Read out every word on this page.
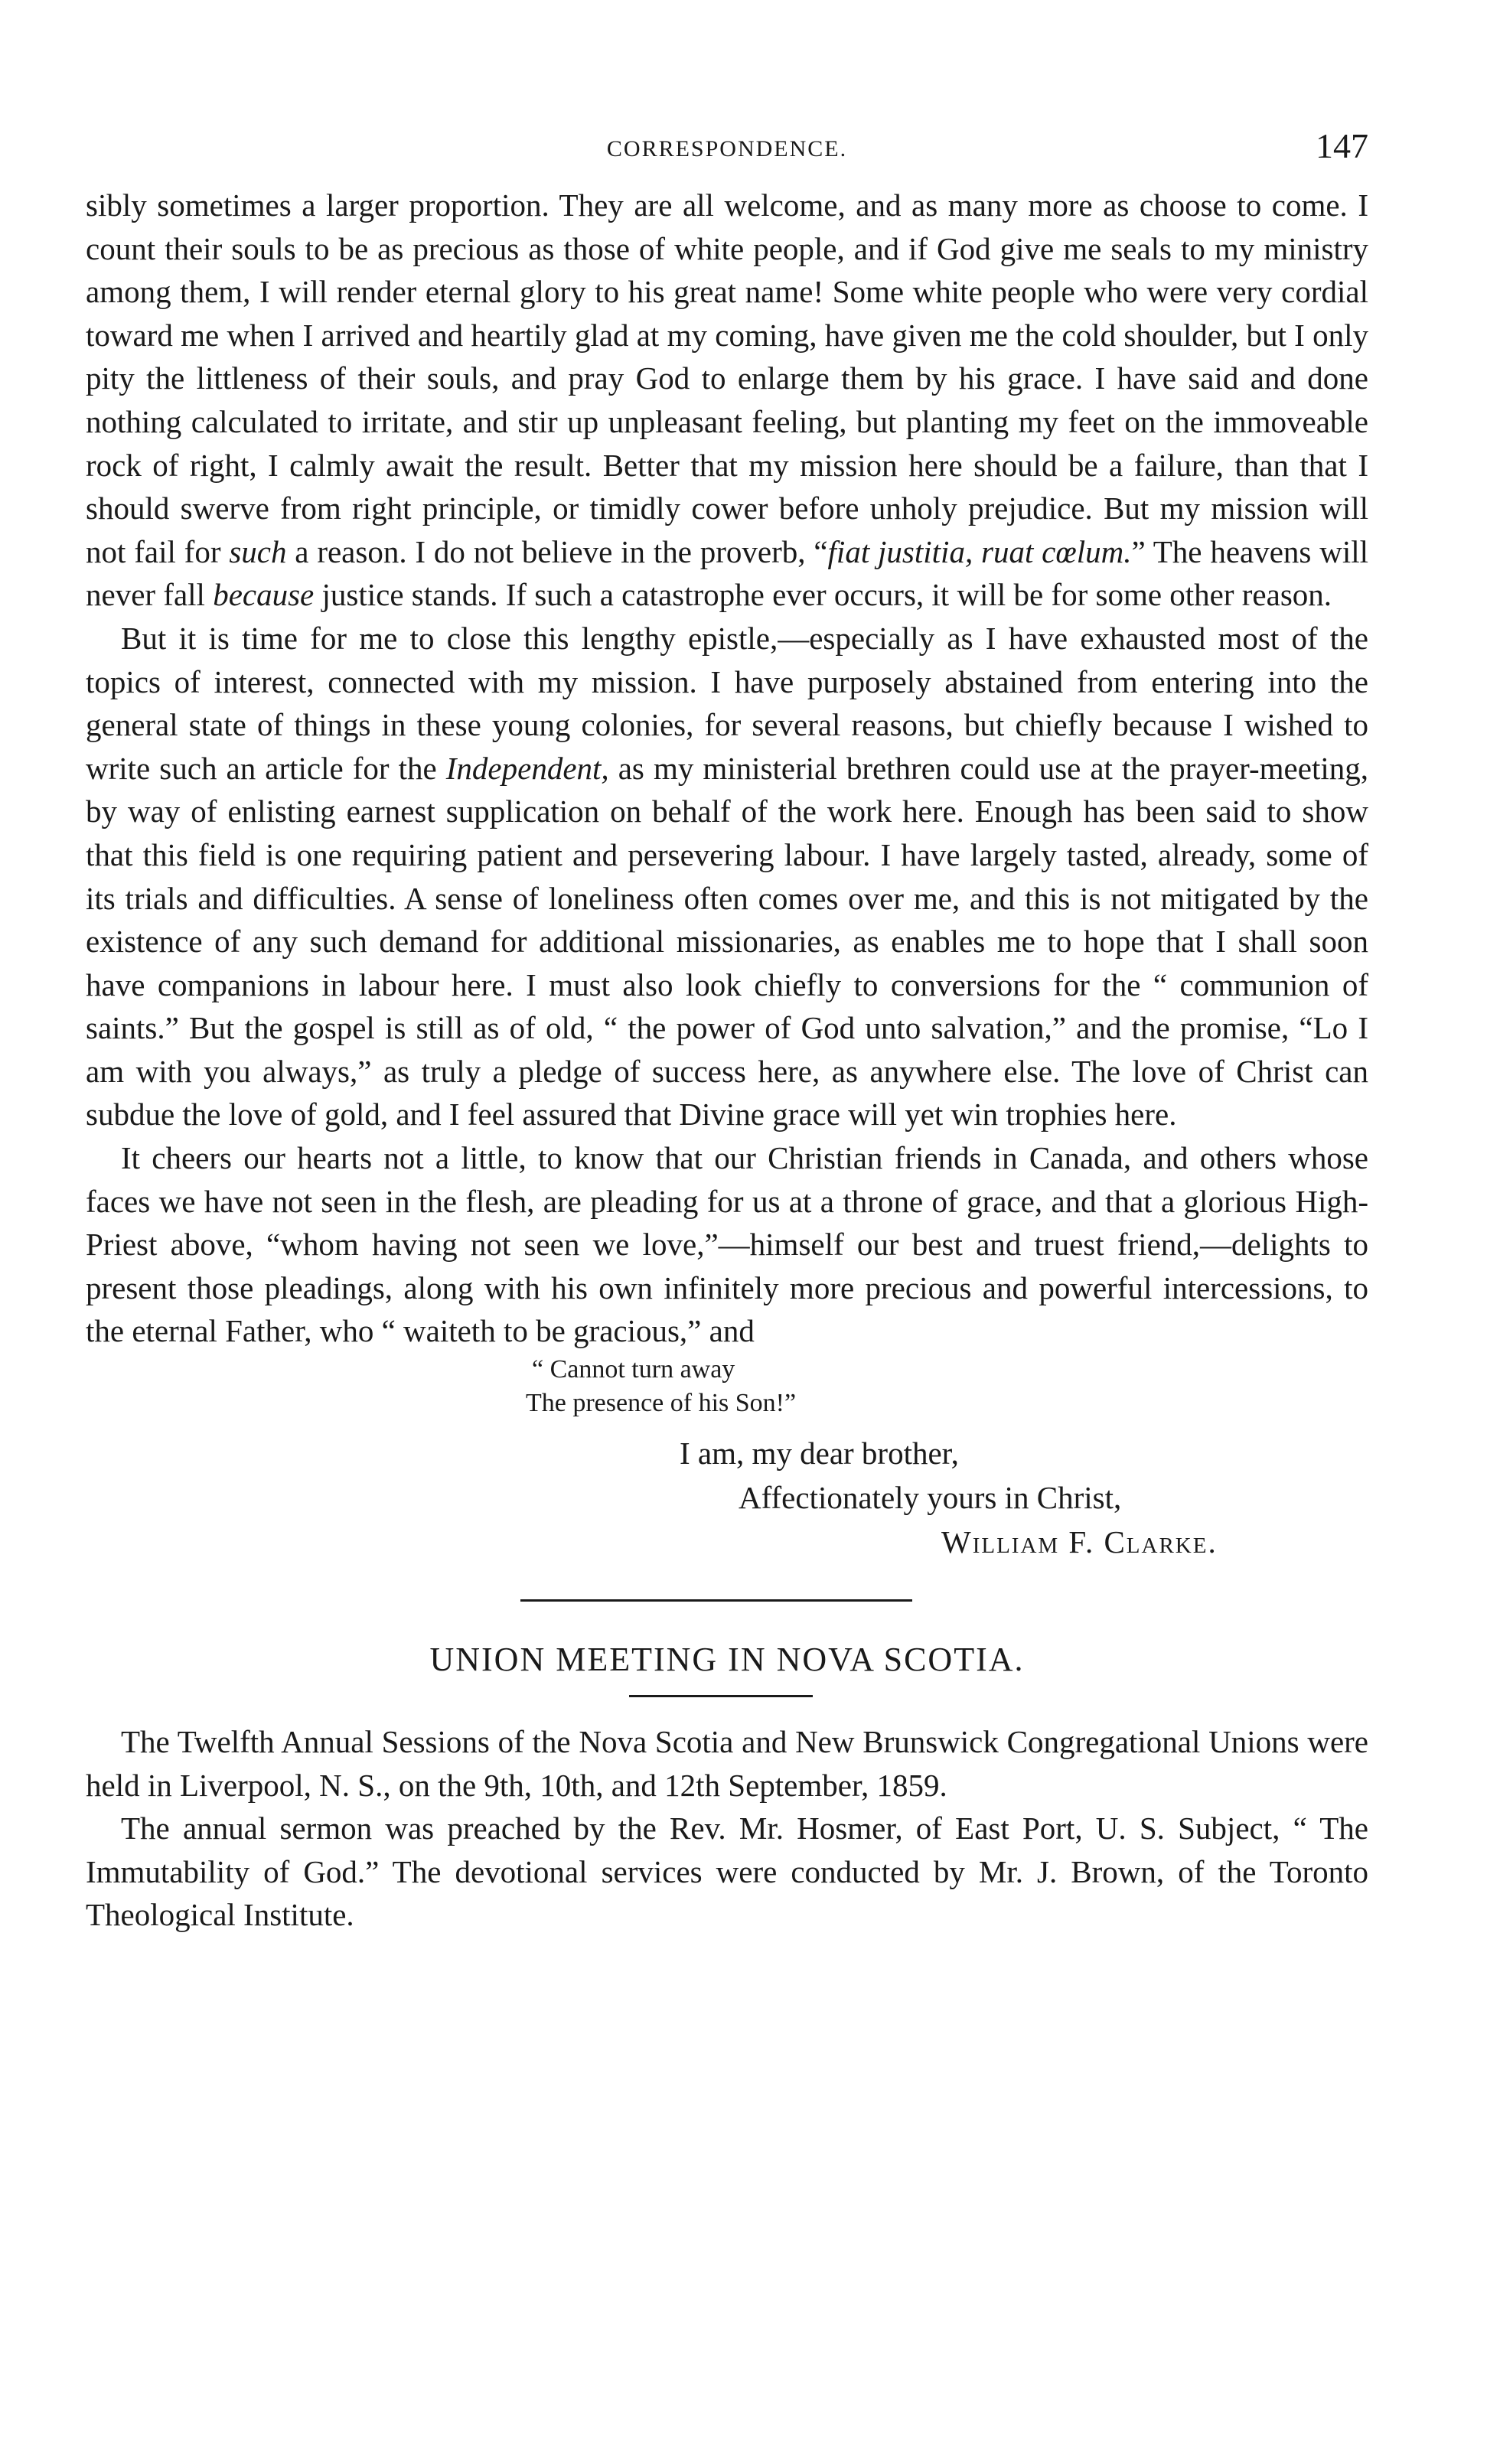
CORRESPONDENCE.	147

sibly sometimes a larger proportion. They are all welcome, and as many more as choose to come. I count their souls to be as precious as those of white people, and if God give me seals to my ministry among them, I will render eternal glory to his great name! Some white people who were very cordial toward me when I arrived and heartily glad at my coming, have given me the cold shoulder, but I only pity the littleness of their souls, and pray God to enlarge them by his grace. I have said and done nothing calculated to irritate, and stir up unpleasant feeling, but planting my feet on the immoveable rock of right, I calmly await the result. Better that my mission here should be a failure, than that I should swerve from right principle, or timidly cower before unholy prejudice. But my mission will not fail for such a reason. I do not believe in the proverb, “fiat justitia, ruat cœlum.” The heavens will never fall because justice stands. If such a catastrophe ever occurs, it will be for some other reason.

But it is time for me to close this lengthy epistle,—especially as I have exhausted most of the topics of interest, connected with my mission. I have purposely abstained from entering into the general state of things in these young colonies, for several reasons, but chiefly because I wished to write such an article for the Independent, as my ministerial brethren could use at the prayer-meeting, by way of enlisting earnest supplication on behalf of the work here. Enough has been said to show that this field is one requiring patient and persevering labour. I have largely tasted, already, some of its trials and difficulties. A sense of loneliness often comes over me, and this is not mitigated by the existence of any such demand for additional missionaries, as enables me to hope that I shall soon have companions in labour here. I must also look chiefly to conversions for the “ communion of saints.” But the gospel is still as of old, “ the power of God unto salvation,” and the promise, “Lo I am with you always,” as truly a pledge of success here, as anywhere else. The love of Christ can subdue the love of gold, and I feel assured that Divine grace will yet win trophies here.

It cheers our hearts not a little, to know that our Christian friends in Canada, and others whose faces we have not seen in the flesh, are pleading for us at a throne of grace, and that a glorious High-Priest above, “whom having not seen we love,”—himself our best and truest friend,—delights to present those pleadings, along with his own infinitely more precious and powerful intercessions, to the eternal Father, who “ waiteth to be gracious,” and

“ Cannot turn away
The presence of his Son!”
I am, my dear brother,
Affectionately yours in Christ,
William F. Clarke.
UNION MEETING IN NOVA SCOTIA.

The Twelfth Annual Sessions of the Nova Scotia and New Brunswick Congregational Unions were held in Liverpool, N. S., on the 9th, 10th, and 12th September, 1859.

The annual sermon was preached by the Rev. Mr. Hosmer, of East Port, U. S. Subject, “ The Immutability of God.” The devotional services were conducted by Mr. J. Brown, of the Toronto Theological Institute.
